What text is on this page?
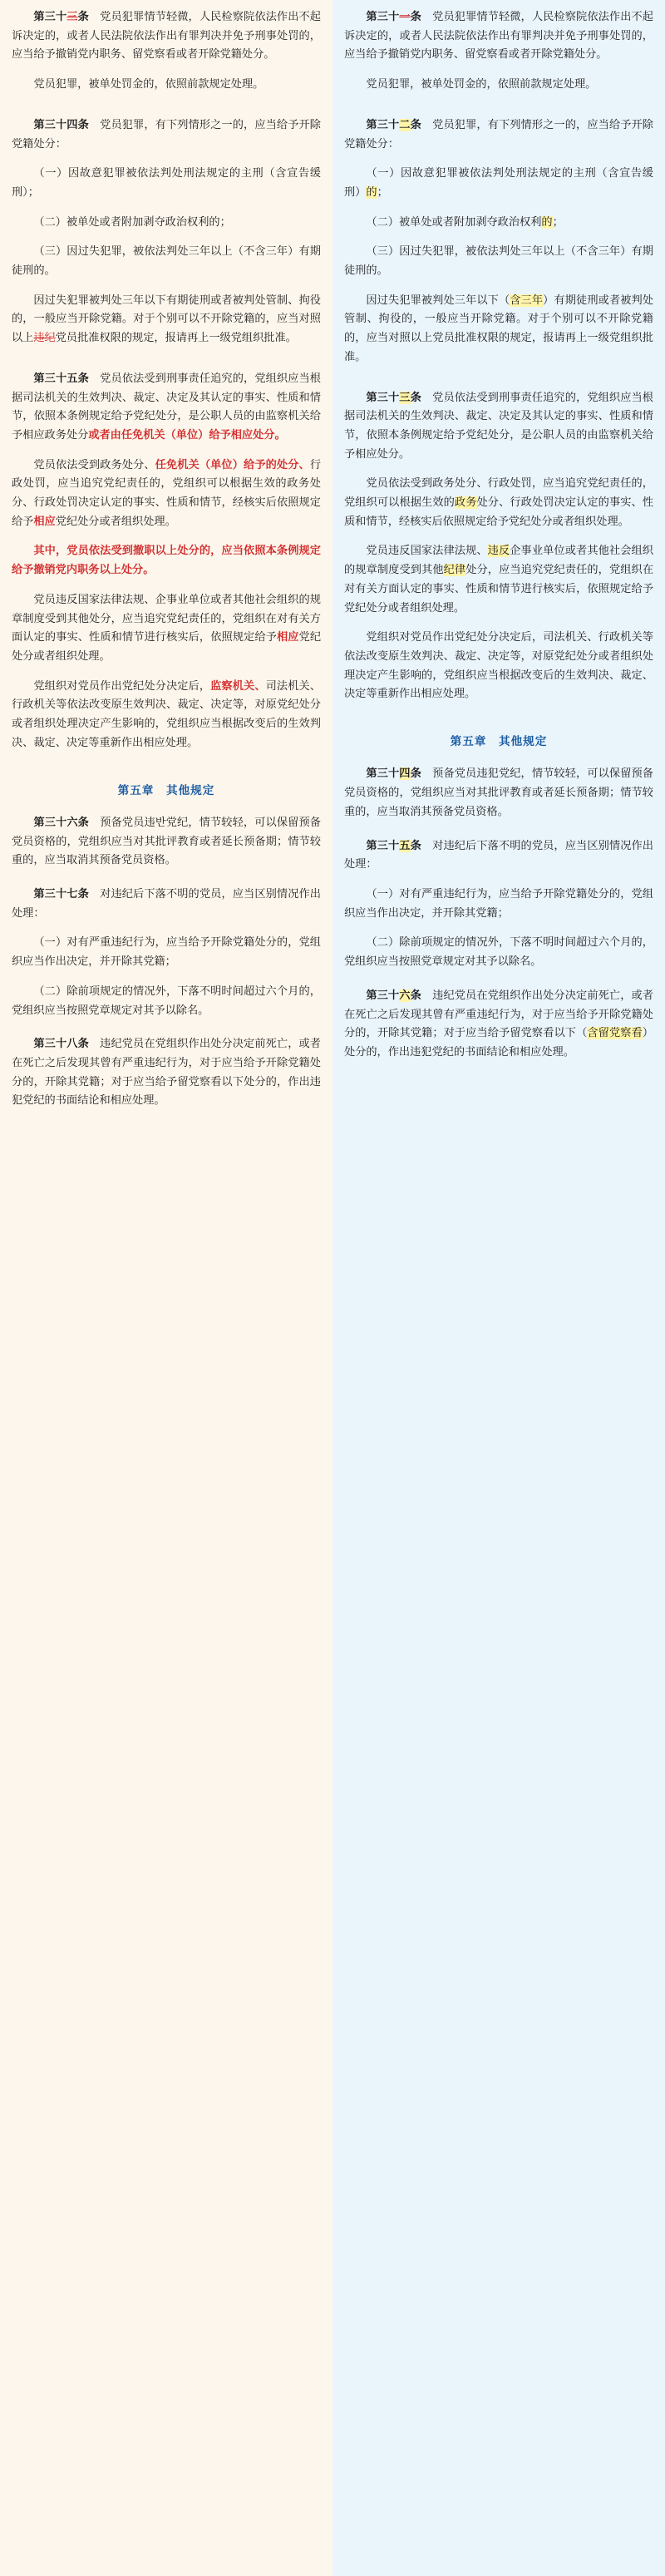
第三十三条　党员犯罪情节轻微，人民检察院依法作出不起诉决定的，或者人民法院依法作出有罪判决并免予刑事处罚的，应当给予撤销党内职务、留党察看或者开除党籍处分。

党员犯罪，被单处罚金的，依照前款规定处理。

第三十四条　党员犯罪，有下列情形之一的，应当给予开除党籍处分：

（一）因故意犯罪被依法判处刑法规定的主刑（含宣告缓刑）；

（二）被单处或者附加剥夺政治权利的；

（三）因过失犯罪，被依法判处三年以上（不含三年）有期徒刑的。

因过失犯罪被判处三年以下有期徒刑或者被判处管制、拘役的，一般应当开除党籍。对于个别可以不开除党籍的，应当对照以上违纪党员批准权限的规定，报请再上一级党组织批准。

第三十五条　党员依法受到刑事责任追究的，党组织应当根据司法机关的生效判决、裁定、决定及其认定的事实、性质和情节，依照本条例规定给予党纪处分，是公职人员的由监察机关给予相应政务处分或者由任免机关（单位）给予相应处分。

党员依法受到政务处分、任免机关（单位）给予的处分、行政处罚，应当追究党纪责任的，党组织可以根据生效的政务处分、行政处罚决定认定的事实、性质和情节，经核实后依照规定给予相应党纪处分或者组织处理。

其中，党员依法受到撤职以上处分的，应当依照本条例规定给予撤销党内职务以上处分。

党员违反国家法律法规、企事业单位或者其他社会组织的规章制度受到其他处分，应当追究党纪责任的，党组织在对有关方面认定的事实、性质和情节进行核实后，依照规定给予相应党纪处分或者组织处理。

党组织对党员作出党纪处分决定后，监察机关、司法机关、行政机关等依法改变原生效判决、裁定、决定等，对原党纪处分或者组织处理决定产生影响的，党组织应当根据改变后的生效判决、裁定、决定等重新作出相应处理。

第五章　其他规定

第三十六条　预备党员违반党纪，情节较轻，可以保留预备党员资格的，党组织应当对其批评教育或者延长预备期；情节较重的，应当取消其预备党员资格。

第三十七条　对违纪后下落不明的党员，应当区别情况作出处理：

（一）对有严重违纪行为，应当给予开除党籍处分的，党组织应当作出决定，并开除其党籍；

（二）除前项规定的情况外，下落不明时间超过六个月的，党组织应当按照党章规定对其予以除名。

第三十八条　违纪党员在党组织作出处分决定前死亡，或者在死亡之后发现其曾有严重违纪行为，对于应当给予开除党籍处分的，开除其党籍；对于应当给予留党察看以下处分的，作出违犯党纪的书面结论和相应处理。

第三十一条　党员犯罪情节轻微，人民检察院依法作出不起诉决定的，或者人民法院依法作出有罪判决并免予刑事处罚的，应当给予撤销党内职务、留党察看或者开除党籍处分。

党员犯罪，被单处罚金的，依照前款规定处理。

第三十二条　党员犯罪，有下列情形之一的，应当给予开除党籍处分：

（一）因故意犯罪被依法判处刑法规定的主刑（含宣告缓刑）的；

（二）被单处或者附加剥夺政治权利的；

（三）因过失犯罪，被依法判处三年以上（不含三年）有期徒刑的。

因过失犯罪被判处三年以下（含三年）有期徒刑或者被判处管制、拘役的，一般应当开除党籍。对于个别可以不开除党籍的，应当对照以上党员批准权限的规定，报请再上一级党组织批准。

第三十三条　党员依法受到刑事责任追究的，党组织应当根据司法机关的生效判决、裁定、决定及其认定的事实、性质和情节，依照本条例规定给予党纪处分，是公职人员的由监察机关给予相应处分。

党员依法受到政务处分、行政处罚，应当追究党纪责任的，党组织可以根据生效的政务处分、行政处罚决定认定的事实、性质和情节，经核实后依照规定给予党纪处分或者组织处理。

党员违反国家法律法规、违反企事业单位或者其他社会组织的规章制度受到其他纪律处分，应当追究党纪责任的，党组织在对有关方面认定的事实、性质和情节进行核实后，依照规定给予党纪处分或者组织处理。

党组织对党员作出党纪处分决定后，司法机关、行政机关等依法改变原生效判决、裁定、决定等，对原党纪处分或者组织处理决定产生影响的，党组织应当根据改变后的生效判决、裁定、决定等重新作出相应处理。

第五章　其他规定

第三十四条　预备党员违犯党纪，情节较轻，可以保留预备党员资格的，党组织应当对其批评教育或者延长预备期；情节较重的，应当取消其预备党员资格。

第三十五条　对违纪后下落不明的党员，应当区别情况作出处理：

（一）对有严重违纪行为，应当给予开除党籍处分的，党组织应当作出决定，并开除其党籍；

（二）除前项规定的情况外，下落不明时间超过六个月的，党组织应当按照党章规定对其予以除名。

第三十六条　违纪党员在党组织作出处分决定前死亡，或者在死亡之后发现其曾有严重违纪行为，对于应当给予开除党籍处分的，开除其党籍；对于应当给予留党察看以下（含留党察看）处分的，作出违犯党纪的书面结论和相应处理。
